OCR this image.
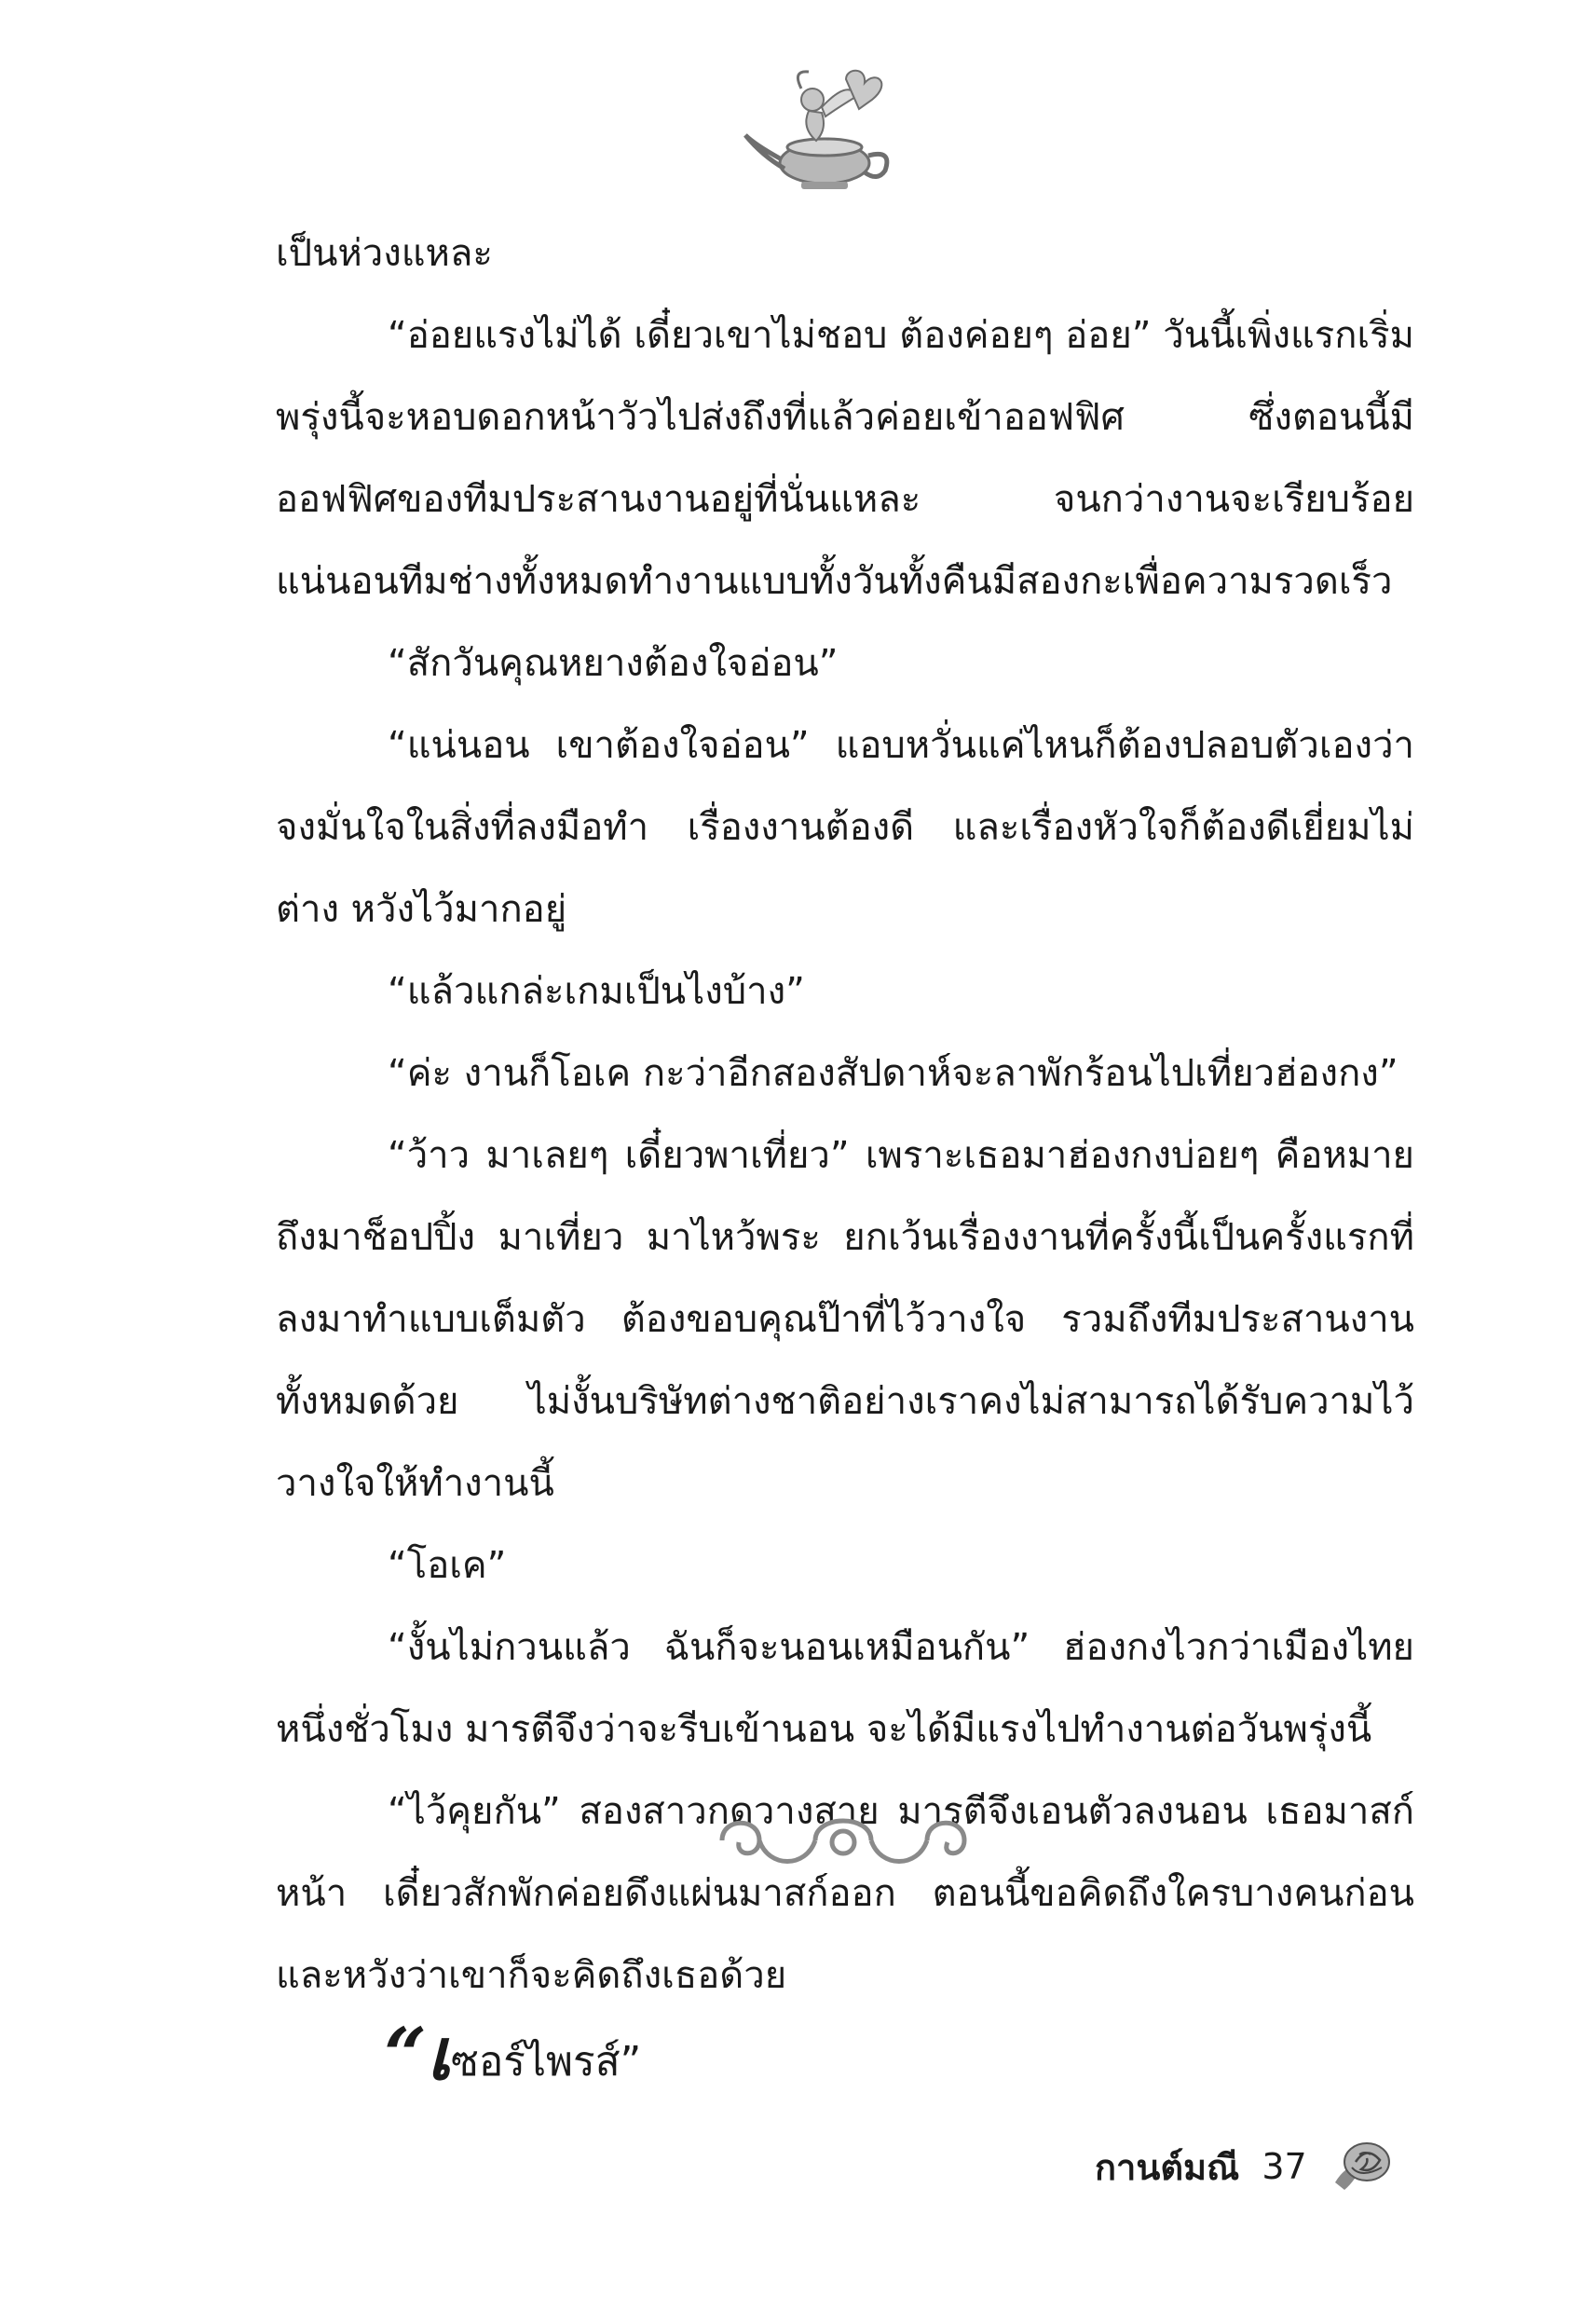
เป็นห่วงแหละ

“อ่อยแรงไม่ได้ เดี๋ยวเขาไม่ชอบ ต้องค่อยๆ อ่อย” วันนี้เพิ่งแรกเริ่ม พรุ่งนี้จะหอบดอกหน้าวัวไปส่งถึงที่แล้วค่อยเข้าออฟฟิศ ซึ่งตอนนี้มีออฟฟิศของทีมประสานงานอยู่ที่นั่นแหละ จนกว่างานจะเรียบร้อย แน่นอนทีมช่างทั้งหมดทำงานแบบทั้งวันทั้งคืนมีสองกะเพื่อความรวดเร็ว

“สักวันคุณหยางต้องใจอ่อน”

“แน่นอน เขาต้องใจอ่อน” แอบหวั่นแค่ไหนก็ต้องปลอบตัวเองว่าจงมั่นใจในสิ่งที่ลงมือทำ เรื่องงานต้องดี และเรื่องหัวใจก็ต้องดีเยี่ยมไม่ต่าง หวังไว้มากอยู่

“แล้วแกล่ะเกมเป็นไงบ้าง”

“ค่ะ งานก็โอเค กะว่าอีกสองสัปดาห์จะลาพักร้อนไปเที่ยวฮ่องกง”

“ว้าว มาเลยๆ เดี๋ยวพาเที่ยว” เพราะเธอมาฮ่องกงบ่อยๆ คือหมายถึงมาช็อปปิ้ง มาเที่ยว มาไหว้พระ ยกเว้นเรื่องงานที่ครั้งนี้เป็นครั้งแรกที่ลงมาทำแบบเต็มตัว ต้องขอบคุณป๊าที่ไว้วางใจ รวมถึงทีมประสานงานทั้งหมดด้วย ไม่งั้นบริษัทต่างชาติอย่างเราคงไม่สามารถได้รับความไว้วางใจให้ทำงานนี้

“โอเค”

“งั้นไม่กวนแล้ว ฉันก็จะนอนเหมือนกัน” ฮ่องกงไวกว่าเมืองไทยหนึ่งชั่วโมง มารตีจึงว่าจะรีบเข้านอน จะได้มีแรงไปทำงานต่อวันพรุ่งนี้

“ไว้คุยกัน” สองสาวกดวางสาย มารตีจึงเอนตัวลงนอน เธอมาสก์หน้า เดี๋ยวสักพักค่อยดึงแผ่นมาสก์ออก ตอนนี้ขอคิดถึงใครบางคนก่อน และหวังว่าเขาก็จะคิดถึงเธอด้วย

“เซอร์ไพรส์”
กานต์มณี 37
